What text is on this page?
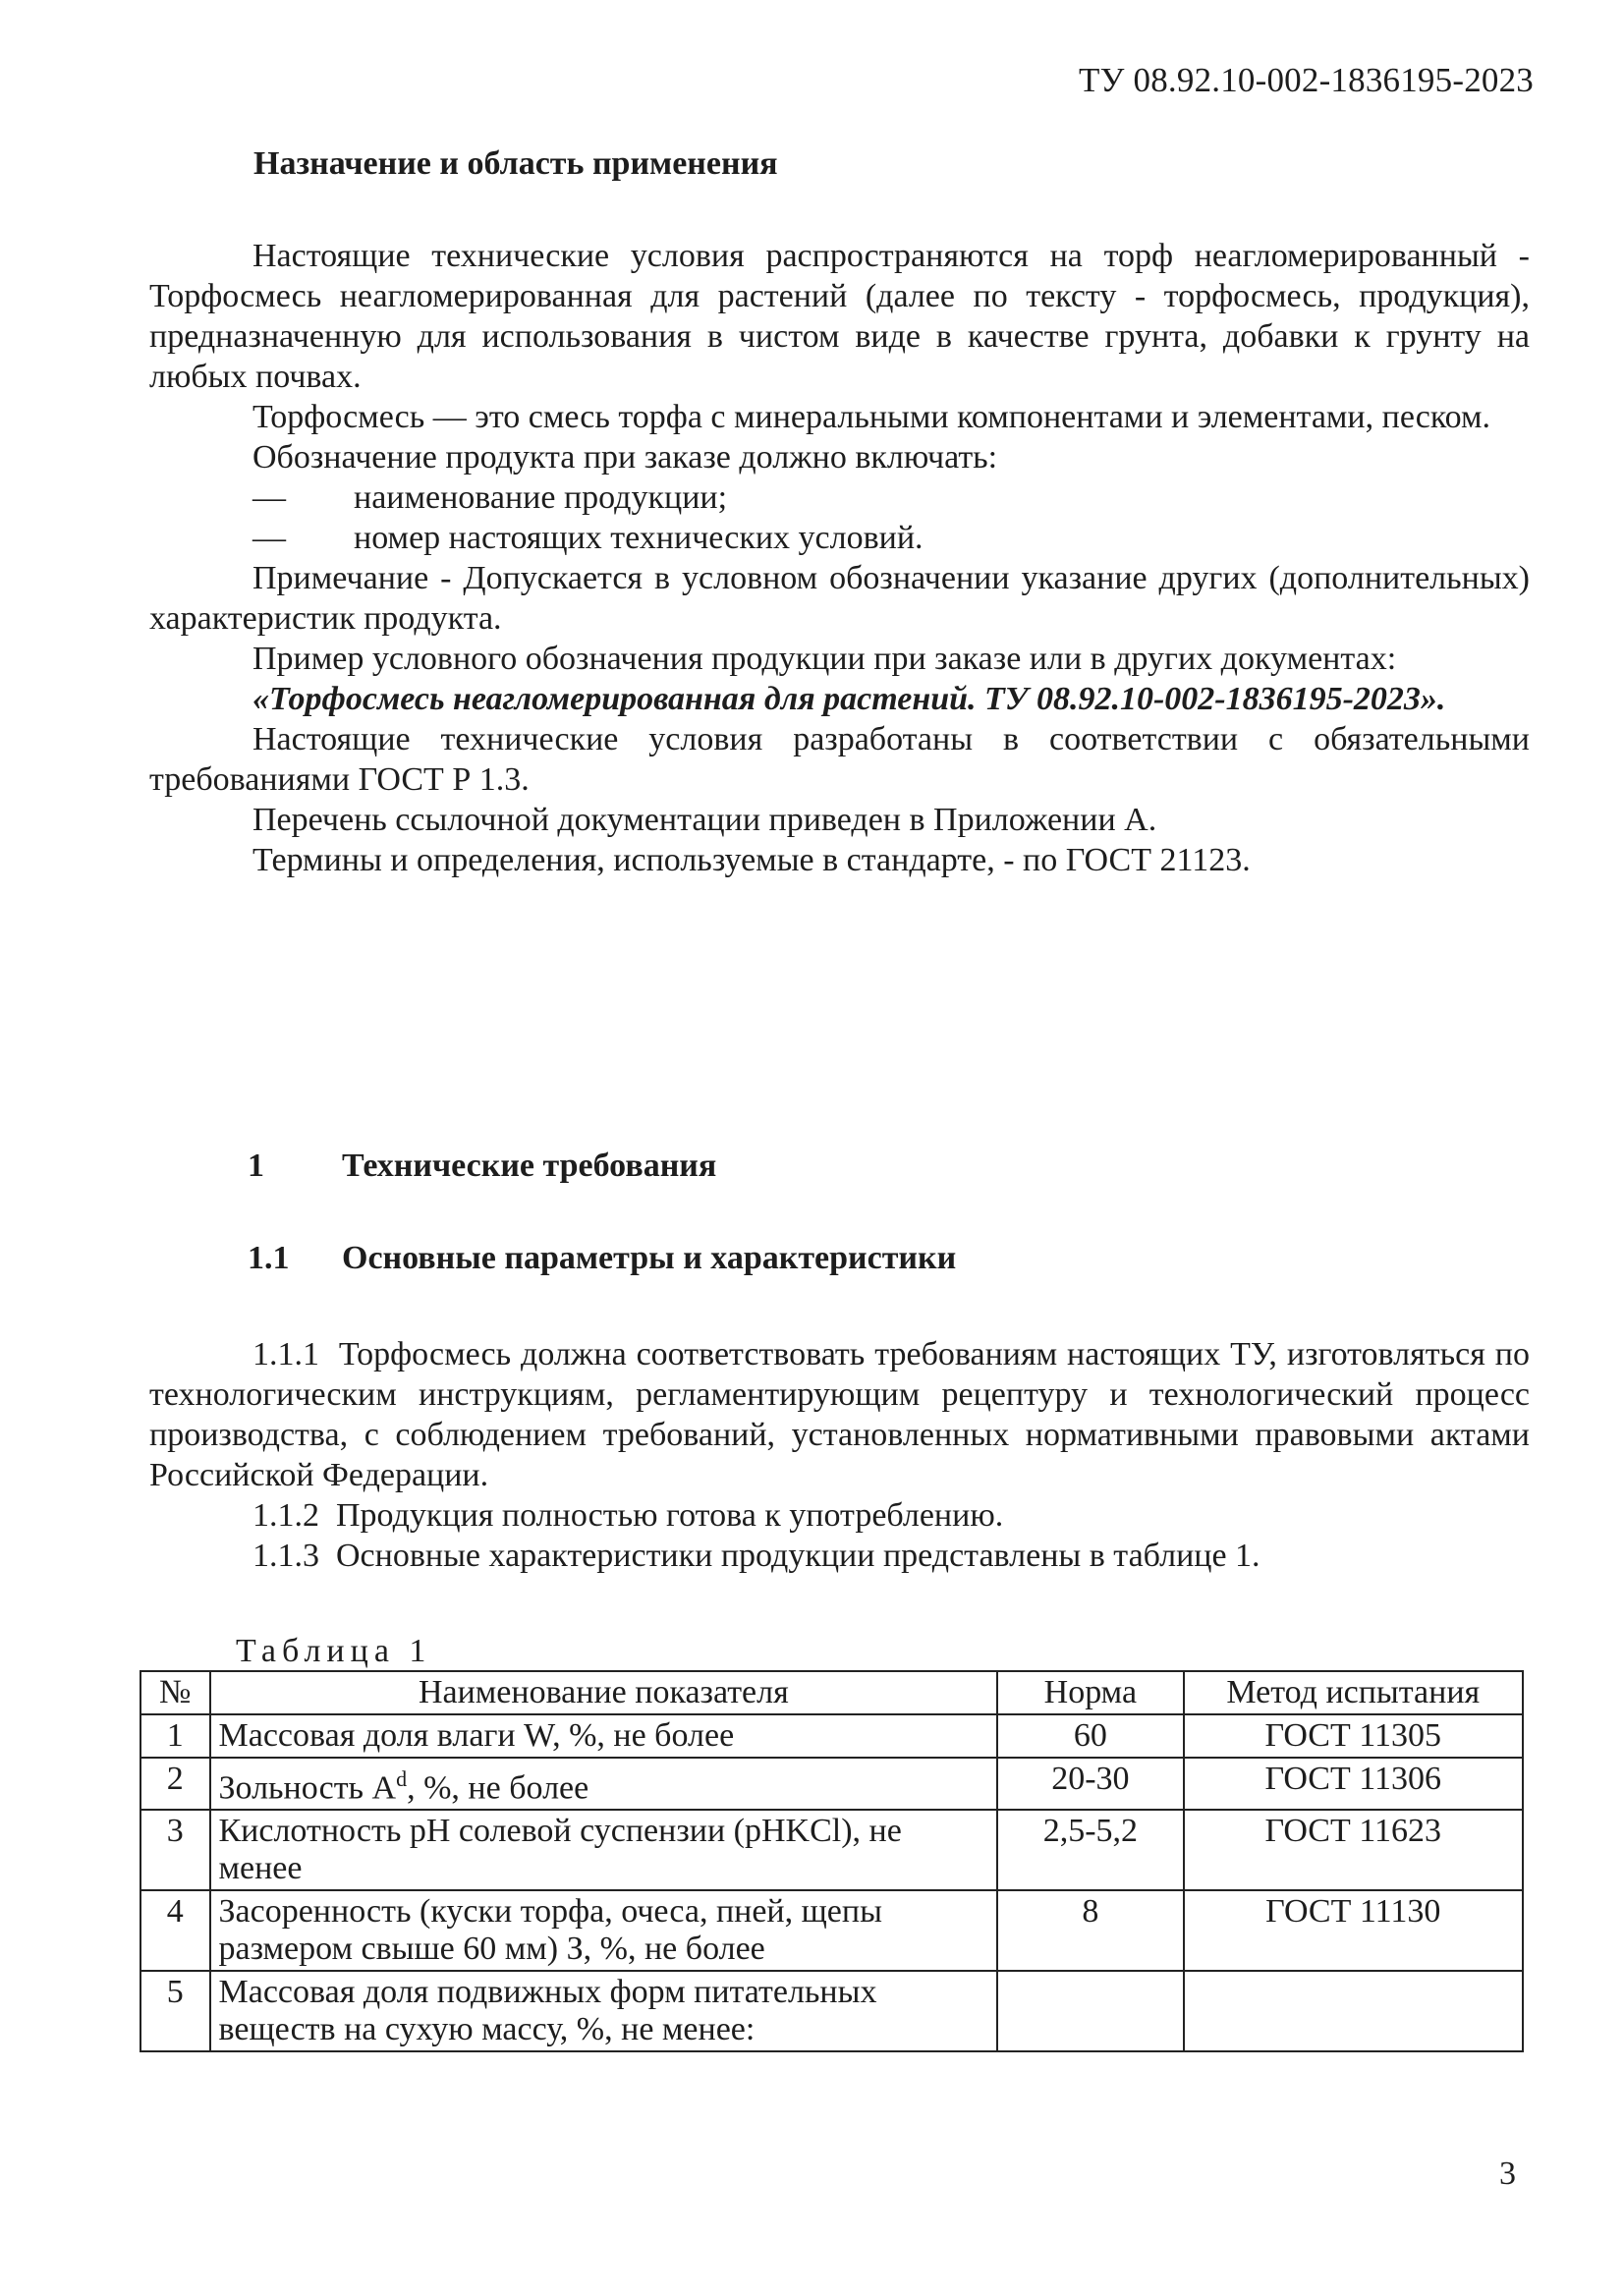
ТУ 08.92.10-002-1836195-2023
Назначение и область применения

Настоящие технические условия распространяются на торф неагломерированный - Торфосмесь неагломерированная для растений (далее по тексту - торфосмесь, продукция), предназначенную для использования в чистом виде в качестве грунта, добавки к грунту на любых почвах.

Торфосмесь — это смесь торфа с минеральными компонентами и элементами, песком.

Обозначение продукта при заказе должно включать:

— наименование продукции;

— номер настоящих технических условий.

Примечание - Допускается в условном обозначении указание других (дополнительных) характеристик продукта.

Пример условного обозначения продукции при заказе или в других документах:

«Торфосмесь неагломерированная для растений. ТУ 08.92.10-002-1836195-2023».

Настоящие технические условия разработаны в соответствии с обязательными требованиями ГОСТ Р 1.3.

Перечень ссылочной документации приведен в Приложении А.

Термины и определения, используемые в стандарте, - по ГОСТ 21123.

1 Технические требования
1.1 Основные параметры и характеристики

1.1.1 Торфосмесь должна соответствовать требованиям настоящих ТУ, изготовляться по технологическим инструкциям, регламентирующим рецептуру и технологический процесс производства, с соблюдением требований, установленных нормативными правовыми актами Российской Федерации.

1.1.2 Продукция полностью готова к употреблению.

1.1.3 Основные характеристики продукции представлены в таблице 1.

Таблица 1
№	Наименование показателя	Норма	Метод испытания
1	Массовая доля влаги W, %, не более	60	ГОСТ 11305
2	Зольность $А^d$, %, не более	20-30	ГОСТ 11306
3	Кислотность рН солевой суспензии (рНKCl), не менее	2,5-5,2	ГОСТ 11623
4	Засоренность (куски торфа, очеса, пней, щепы размером свыше 60 мм) З, %, не более	8	ГОСТ 11130
5	Массовая доля подвижных форм питательных веществ на сухую массу, %, не менее:		
3
